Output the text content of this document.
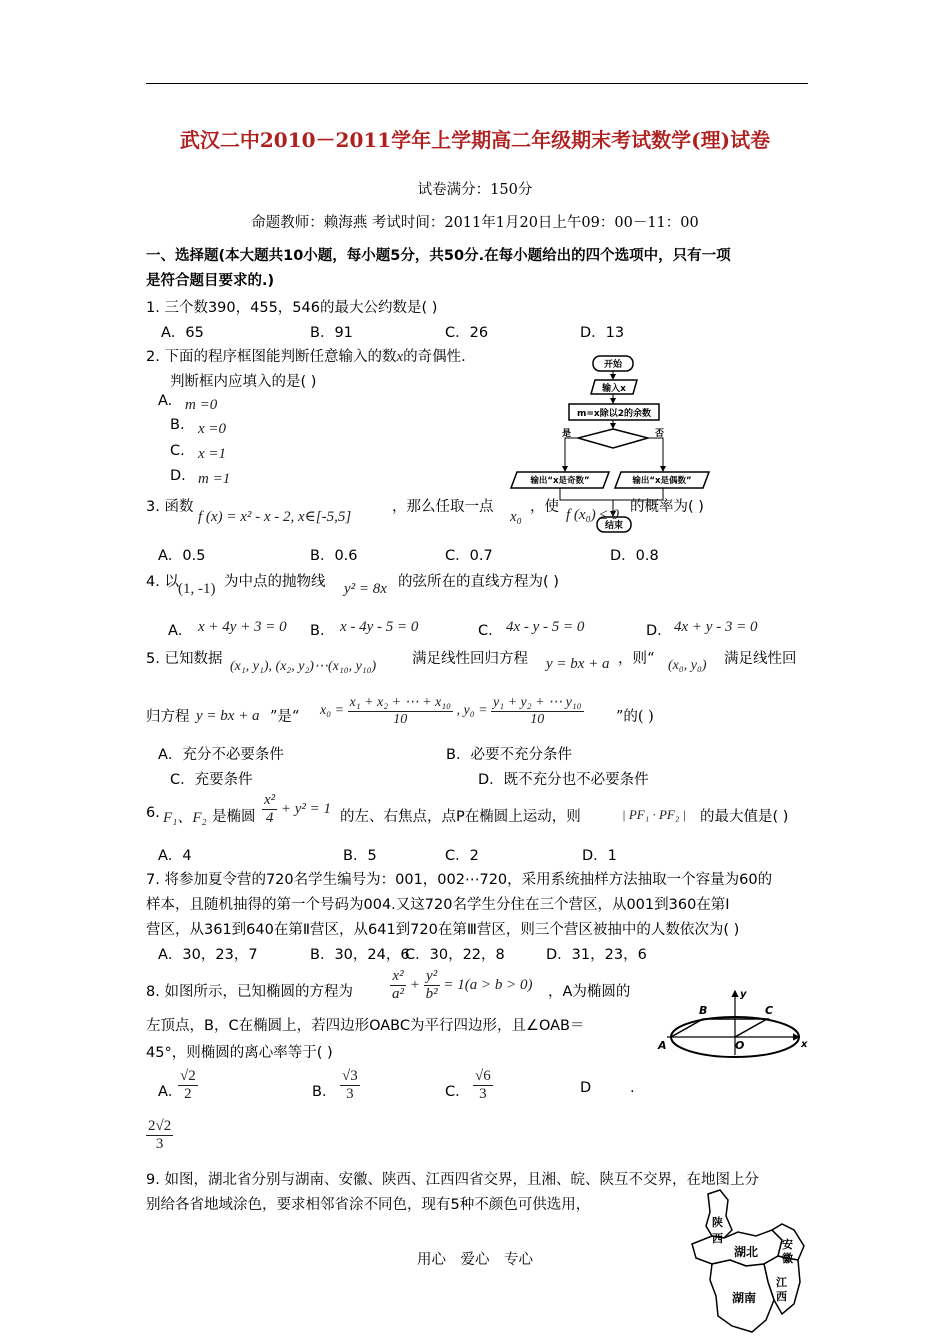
武汉二中2010－2011学年上学期高二年级期末考试数学(理)试卷
试卷满分：150分
命题教师：赖海燕 考试时间：2011年1月20日上午09：00－11：00
一、选择题(本大题共10小题，每小题5分，共50分.在每小题给出的四个选项中，只有一项
是符合题目要求的.)
1. 三个数390，455，546的最大公约数是( )
A．65	B．91	C．26	D．13
2. 下面的程序框图能判断任意输入的数x的奇偶性.
判断框内应填入的是( )
A. m =0
B. x =0
C. x =1
D. m =1
开始
输入x
m=x除以2的余数
是	否
输出“x是奇数”	输出“x是偶数”
结束
3. 函数
f (x) = x² - x - 2, x∈[-5,5]
，那么任取一点
x₀
，使 f (x₀) ≤ 0 的概率为( )
A．0.5	B．0.6	C．0.7	D．0.8
4. 以 (1, -1) 为中点的抛物线 y² = 8x 的弦所在的直线方程为( )
A． x + 4y + 3 = 0 B． x - 4y - 5 = 0	C． 4x - y - 5 = 0	D． 4x + y - 3 = 0
5. 已知数据 (x₁, y₁), (x₂, y₂)⋯(x₁₀, y₁₀) 满足线性回归方程 y = bx + a ，则“ (x₀, y₀) 满足线性回
归方程 y = bx + a ”是“ $x_0 = \frac{\text{x₁ + x₂ + ⋯ + x₁₀}}{10}$ , $y_0 = \frac{\text{y₁ + y₂ + ⋯ y₁₀}}{10}$ ”的( )
A．充分不必要条件	B．必要不充分条件
C．充要条件	D．既不充分也不必要条件
6. F₁、F₂ 是椭圆 $\frac{\text{x²}}{4} + y^2 = 1$ 的左、右焦点，点P在椭圆上运动，则	| PF₁ · PF₂ | 的最大值是( )
A．4	B．5	C．2	D．1
7. 将参加夏令营的720名学生编号为：001，002⋯720，采用系统抽样方法抽取一个容量为60的
样本，且随机抽得的第一个号码为004.又这720名学生分住在三个营区，从001到360在第Ⅰ
营区，从361到640在第Ⅱ营区，从641到720在第Ⅲ营区，则三个营区被抽中的人数依次为( )
A．30，23，7	B．30，24，6
C．30，22，8	D．31，23，6
8. 如图所示，已知椭圆的方程为 $\frac{\text{x²}}{\text{a²}} + \frac{\text{y²}}{\text{b²}} = 1(a > b > 0)$ ，A为椭圆的
左顶点，B，C在椭圆上，若四边形OABC为平行四边形，且∠OAB＝
45°，则椭圆的离心率等于( )
A．
$\frac{√2}{2}$	B． $\frac{√3}{3}$	C． $\frac{√6}{3}$	D	.
$\frac{2√2}{3}$
B	C
A	O	x
y
9. 如图，湖北省分别与湖南、安徽、陕西、江西四省交界，且湘、皖、陕互不交界，在地图上分
别给各省地域涂色，要求相邻省涂不同色，现有5种不颜色可供选用，
陕
西
湖北
安
徽
江
西
湖南
用心　爱心　专心
